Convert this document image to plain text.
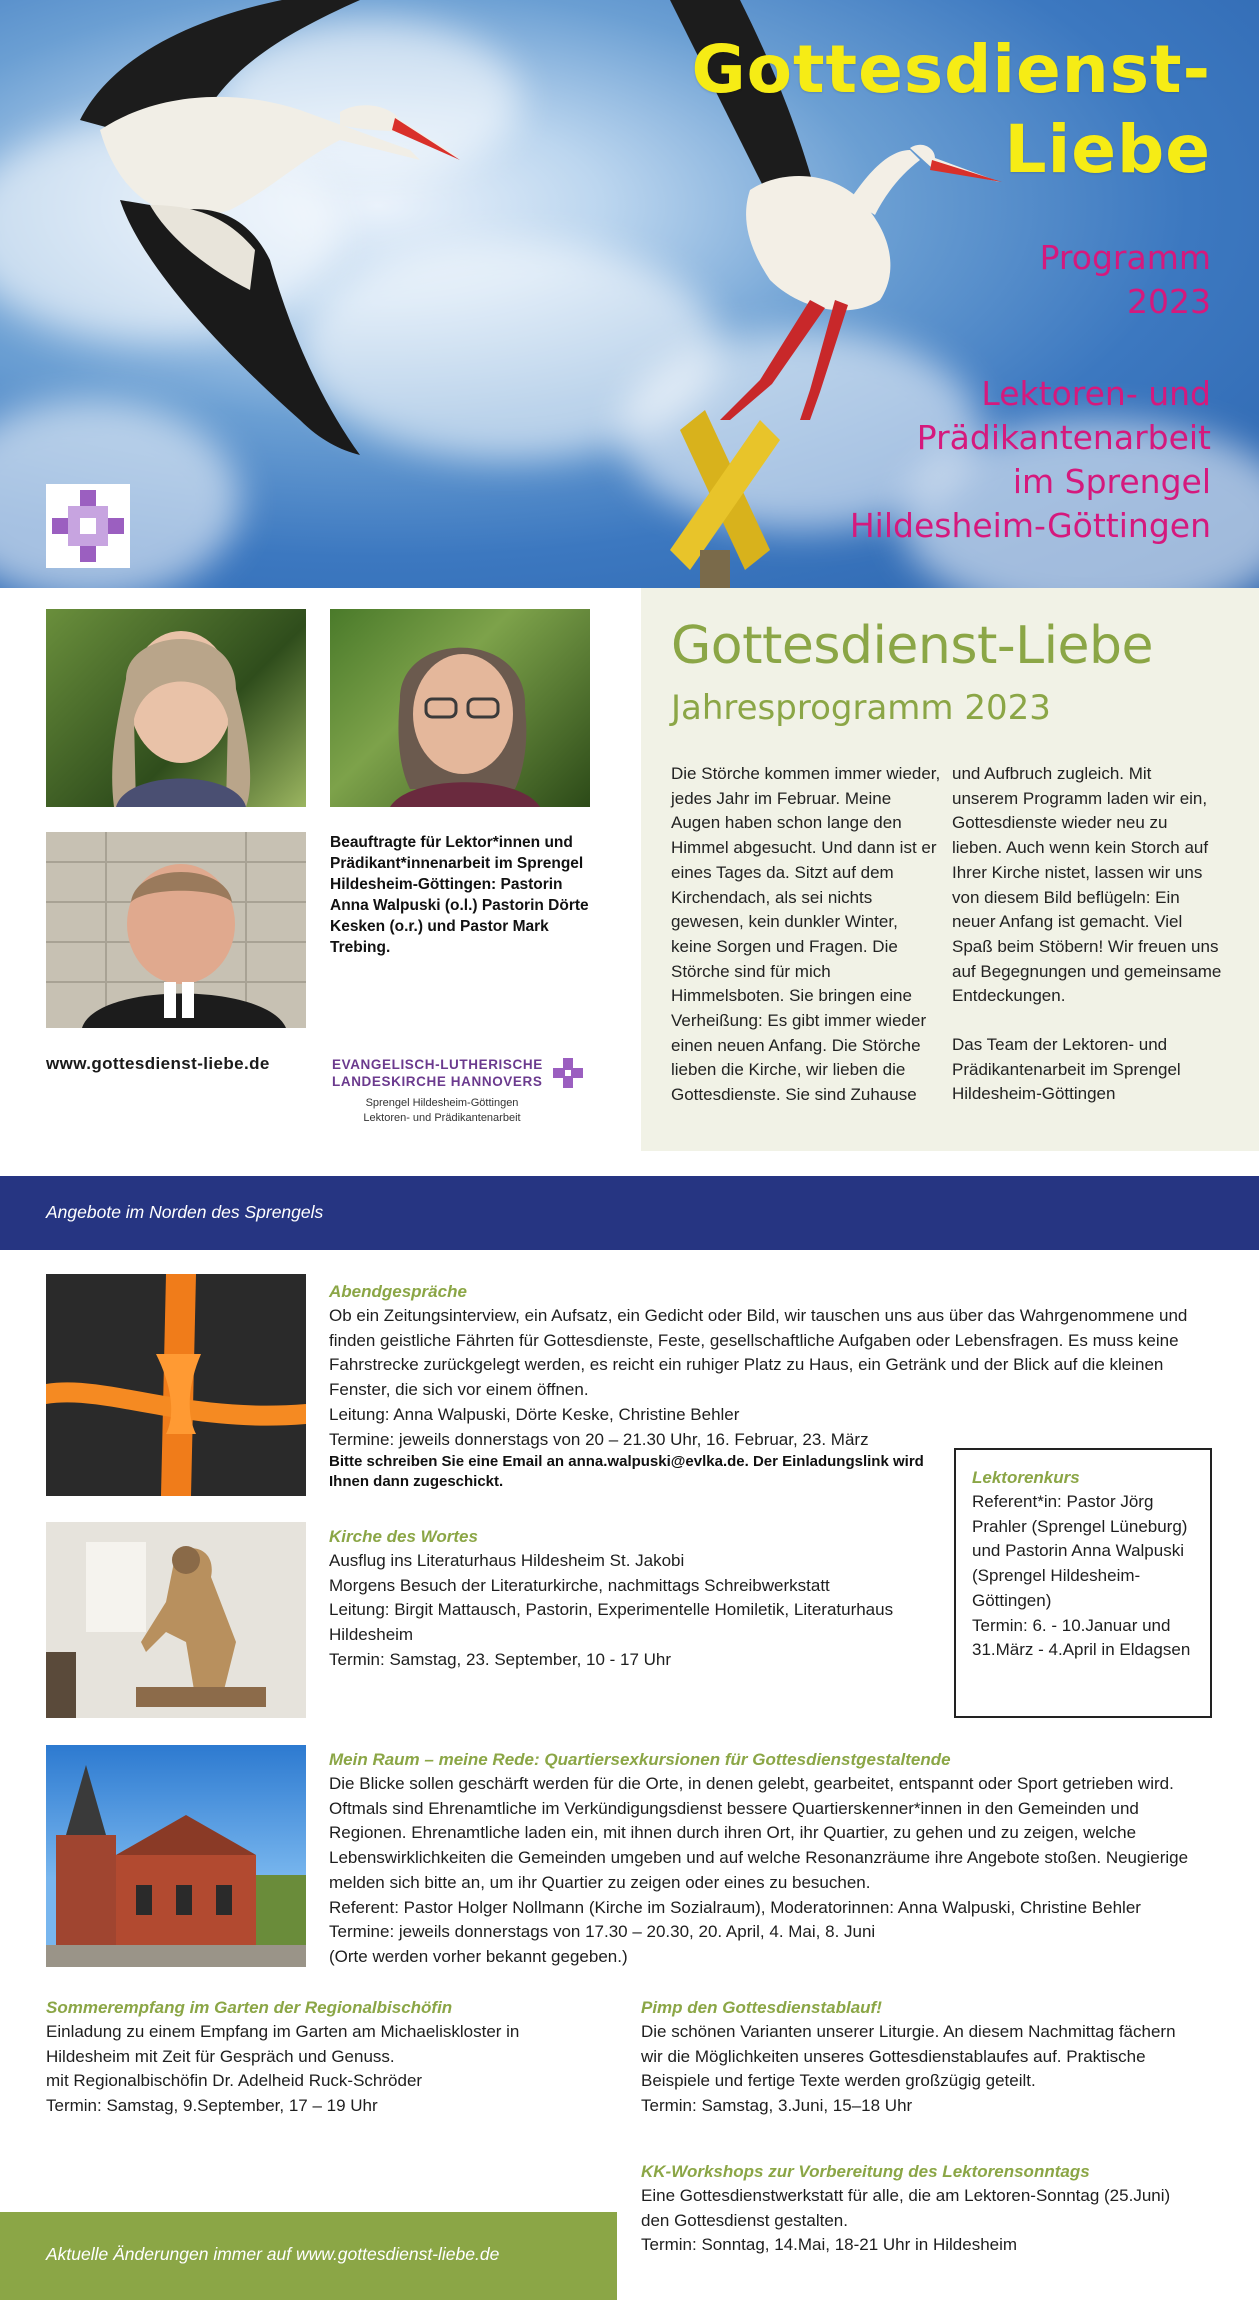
Gottesdienst-
Liebe
Programm
2023
Lektoren- und
Prädikantenarbeit
im Sprengel
Hildesheim-Göttingen
Beauftragte für Lektor*innen und Prädikant*innenarbeit im Sprengel Hildesheim-Göttingen: Pastorin Anna Walpuski (o.l.) Pastorin Dörte Kesken (o.r.) und Pastor Mark Trebing.
www.gottesdienst-liebe.de	EVANGELISCH-LUTHERISCHE
LANDESKIRCHE HANNOVERS
Sprengel Hildesheim-Göttingen
Lektoren- und Prädikantenarbeit
Gottesdienst-Liebe
Jahresprogramm 2023
Die Störche kommen immer wieder, jedes Jahr im Februar. Meine Augen haben schon lange den Himmel abgesucht. Und dann ist er eines Tages da. Sitzt auf dem Kirchendach, als sei nichts gewesen, kein dunkler Winter, keine Sorgen und Fragen. Die Störche sind für mich Himmelsboten. Sie bringen eine Verheißung: Es gibt immer wieder einen neuen Anfang. Die Störche lieben die Kirche, wir lieben die Gottesdienste. Sie sind Zuhause
und Aufbruch zugleich. Mit unserem Programm laden wir ein, Gottesdienste wieder neu zu lieben. Auch wenn kein Storch auf Ihrer Kirche nistet, lassen wir uns von diesem Bild beflügeln: Ein neuer Anfang ist gemacht. Viel Spaß beim Stöbern! Wir freuen uns auf Begegnungen und gemeinsame Entdeckungen.
Das Team der Lektoren- und Prädikantenarbeit im Sprengel Hildesheim-Göttingen
Angebote im Norden des Sprengels
Abendgespräche
Ob ein Zeitungsinterview, ein Aufsatz, ein Gedicht oder Bild, wir tauschen uns aus über das Wahrgenommene und finden geistliche Fährten für Gottesdienste, Feste, gesellschaftliche Aufgaben oder Lebensfragen. Es muss keine Fahrstrecke zurückgelegt werden, es reicht ein ruhiger Platz zu Haus, ein Getränk und der Blick auf die kleinen Fenster, die sich vor einem öffnen.
Leitung: Anna Walpuski, Dörte Keske, Christine Behler
Termine: jeweils donnerstags von 20 – 21.30 Uhr, 16. Februar, 23. März
Bitte schreiben Sie eine Email an anna.walpuski@evlka.de. Der Einladungslink wird Ihnen dann zugeschickt.
Kirche des Wortes
Ausflug ins Literaturhaus Hildesheim St. Jakobi
Morgens Besuch der Literaturkirche, nachmittags Schreibwerkstatt
Leitung: Birgit Mattausch, Pastorin, Experimentelle Homiletik, Literaturhaus Hildesheim
Termin: Samstag, 23. September, 10 - 17 Uhr
Lektorenkurs
Referent*in: Pastor Jörg Prahler (Sprengel Lüneburg) und Pastorin Anna Walpuski (Sprengel Hildesheim-Göttingen)
Termin: 6. - 10.Januar und 31.März - 4.April in Eldagsen
Mein Raum – meine Rede: Quartiersexkursionen für Gottesdienstgestaltende
Die Blicke sollen geschärft werden für die Orte, in denen gelebt, gearbeitet, entspannt oder Sport getrieben wird. Oftmals sind Ehrenamtliche im Verkündigungsdienst bessere Quartierskenner*innen in den Gemeinden und Regionen. Ehrenamtliche laden ein, mit ihnen durch ihren Ort, ihr Quartier, zu gehen und zu zeigen, welche Lebenswirklichkeiten die Gemeinden umgeben und auf welche Resonanzräume ihre Angebote stoßen. Neugierige melden sich bitte an, um ihr Quartier zu zeigen oder eines zu besuchen.
Referent: Pastor Holger Nollmann (Kirche im Sozialraum), Moderatorinnen: Anna Walpuski, Christine Behler
Termine: jeweils donnerstags von 17.30 – 20.30, 20. April, 4. Mai, 8. Juni
(Orte werden vorher bekannt gegeben.)
Sommerempfang im Garten der Regionalbischöfin
Einladung zu einem Empfang im Garten am Michaeliskloster in Hildesheim mit Zeit für Gespräch und Genuss.
mit Regionalbischöfin Dr. Adelheid Ruck-Schröder
Termin: Samstag, 9.September, 17 – 19 Uhr
Pimp den Gottesdienstablauf!
Die schönen Varianten unserer Liturgie. An diesem Nachmittag fächern wir die Möglichkeiten unseres Gottesdienstablaufes auf. Praktische Beispiele und fertige Texte werden großzügig geteilt.
Termin: Samstag, 3.Juni, 15–18 Uhr
KK-Workshops zur Vorbereitung des Lektorensonntags
Eine Gottesdienstwerkstatt für alle, die am Lektoren-Sonntag (25.Juni) den Gottesdienst gestalten.
Termin: Sonntag, 14.Mai, 18-21 Uhr in Hildesheim
Aktuelle Änderungen immer auf www.gottesdienst-liebe.de
